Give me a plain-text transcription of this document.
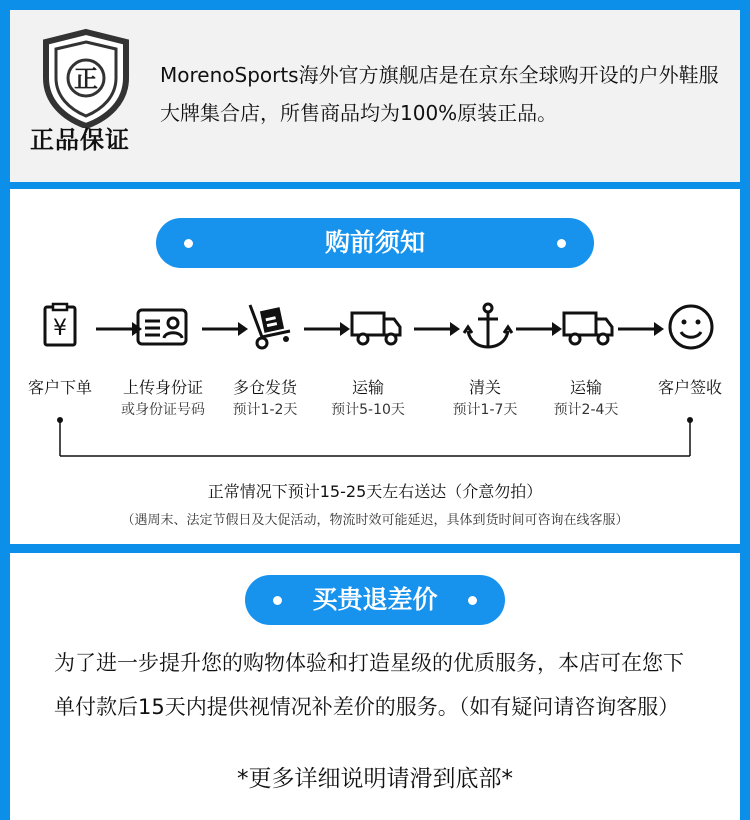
正
正品保证
MorenoSports海外官方旗舰店是在京东全球购开设的户外鞋服大牌集合店，所售商品均为100%原装正品。
购前须知
¥
客户下单	上传身份证
或身份证号码
多仓发货
预计1-2天
运输
预计5-10天
清关
预计1-7天
运输
预计2-4天
客户签收
正常情况下预计15-25天左右送达（介意勿拍）
（遇周末、法定节假日及大促活动，物流时效可能延迟，具体到货时间可咨询在线客服）
买贵退差价
为了进一步提升您的购物体验和打造星级的优质服务，本店可在您下单付款后15天内提供视情况补差价的服务。（如有疑问请咨询客服）
*更多详细说明请滑到底部*
